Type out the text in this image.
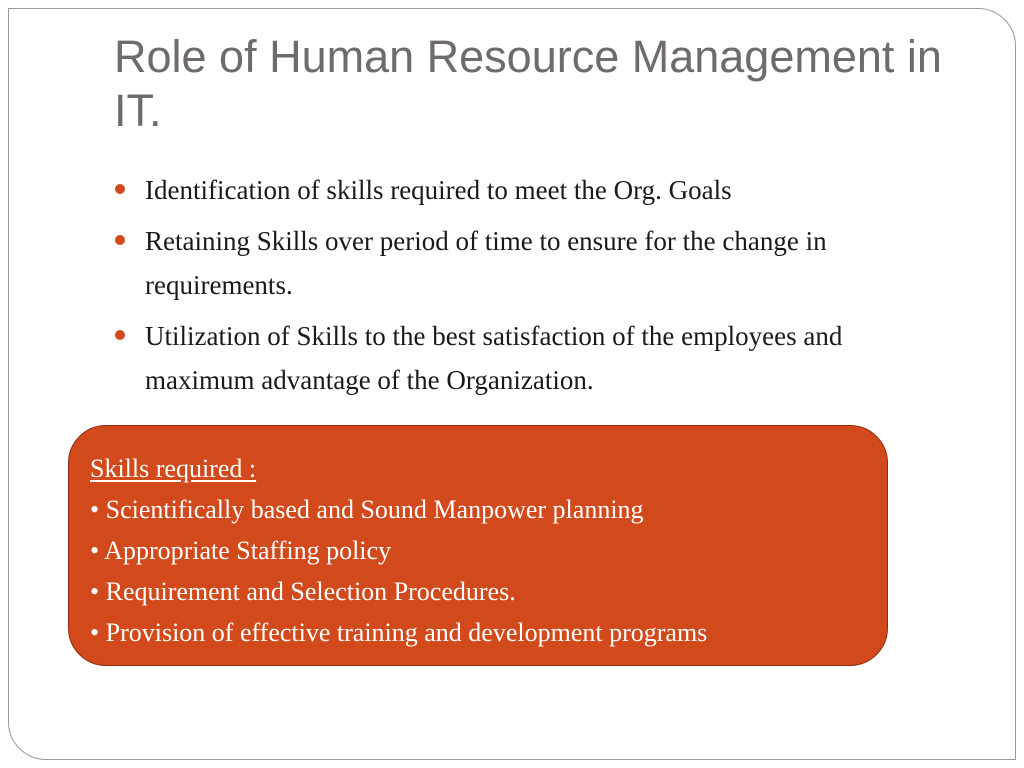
Role of Human Resource Management in IT.
Identification of skills required to meet the Org. Goals
Retaining Skills over period of time to ensure for the change in requirements.
Utilization of Skills to the best satisfaction of the employees and maximum advantage of the Organization.

Skills required :

• Scientifically based and Sound Manpower planning

• Appropriate Staffing policy

• Requirement and Selection Procedures.

• Provision of effective training and development programs
